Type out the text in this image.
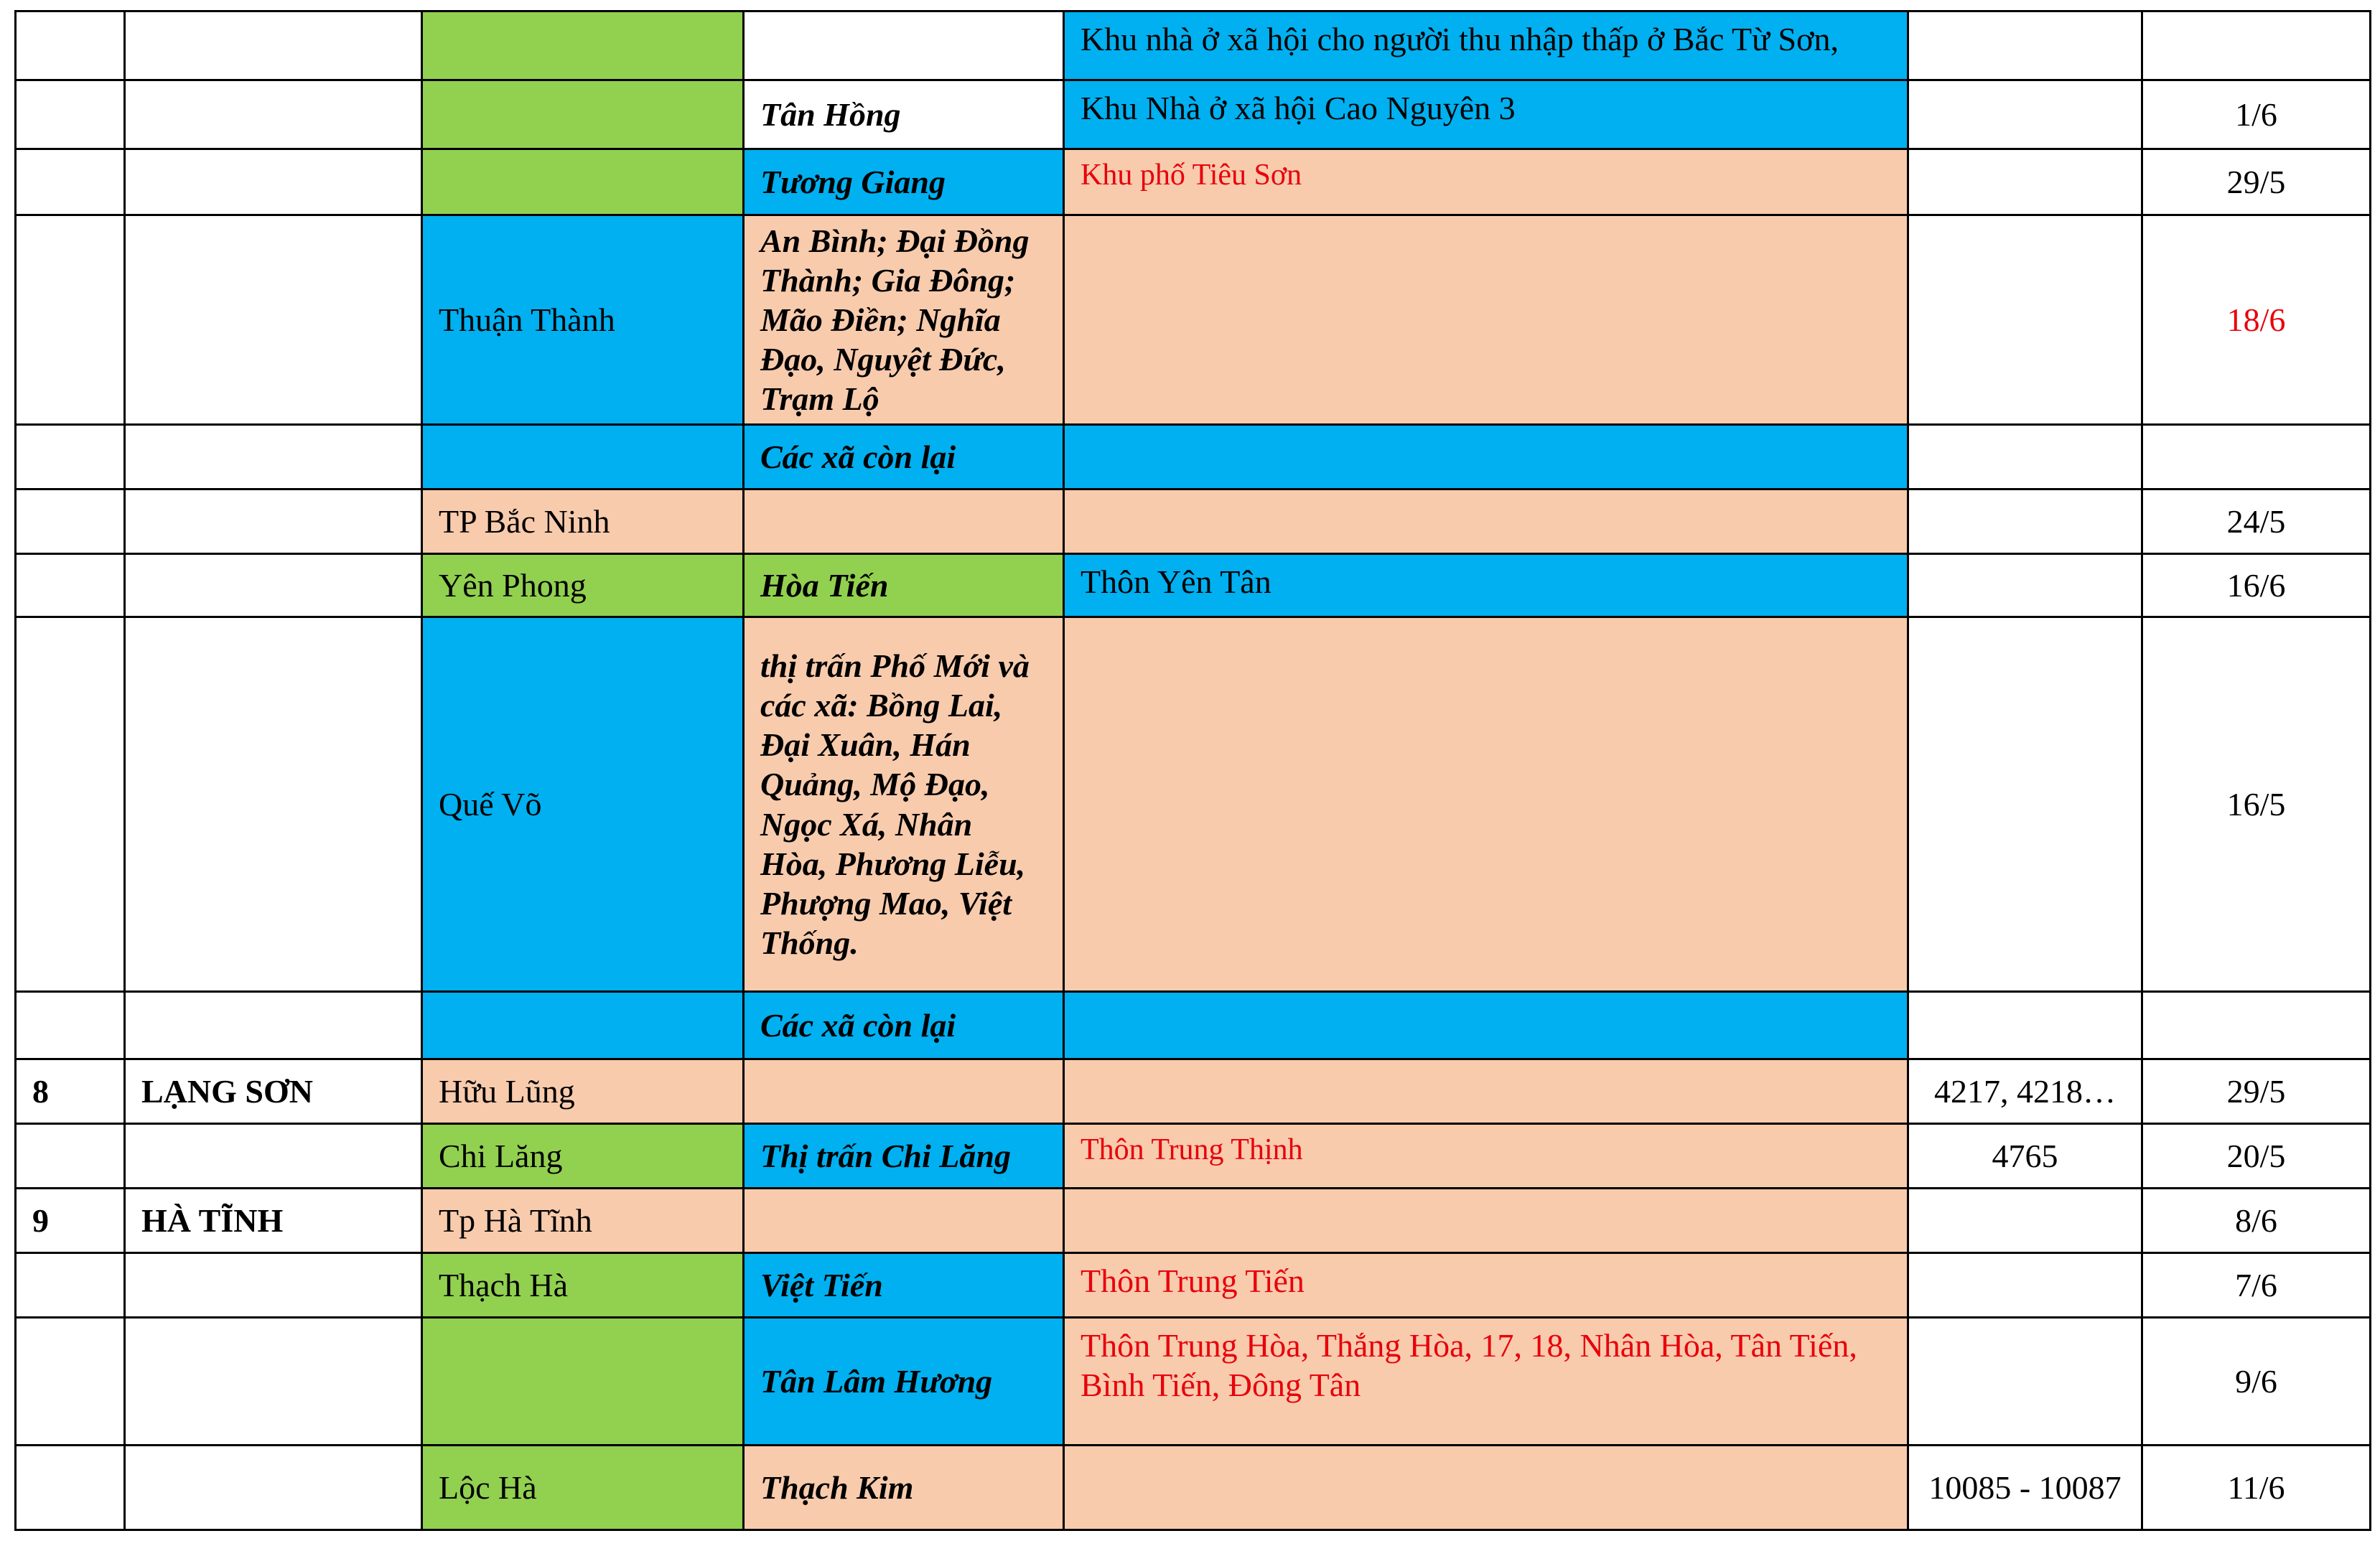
				Khu nhà ở xã hội cho người thu nhập thấp ở Bắc Từ Sơn,		
			Tân Hồng	Khu Nhà ở xã hội Cao Nguyên 3		1/6
			Tương Giang	Khu phố Tiêu Sơn		29/5
		Thuận Thành	An Bình; Đại Đồng Thành; Gia Đông; Mão Điền; Nghĩa Đạo, Nguyệt Đức, Trạm Lộ			18/6
			Các xã còn lại			
		TP Bắc Ninh				24/5
		Yên Phong	Hòa Tiến	Thôn Yên Tân		16/6
		Quế Võ	thị trấn Phố Mới và các xã: Bồng Lai, Đại Xuân, Hán Quảng, Mộ Đạo, Ngọc Xá, Nhân Hòa, Phương Liễu, Phượng Mao, Việt Thống.			16/5
			Các xã còn lại			
8	LẠNG SƠN	Hữu Lũng			4217, 4218…	29/5
		Chi Lăng	Thị trấn Chi Lăng	Thôn Trung Thịnh	4765	20/5
9	HÀ TĨNH	Tp Hà Tĩnh				8/6
		Thạch Hà	Việt Tiến	Thôn Trung Tiến		7/6
			Tân Lâm Hương	Thôn Trung Hòa, Thắng Hòa, 17, 18, Nhân Hòa, Tân Tiến, Bình Tiến, Đông Tân		9/6
		Lộc Hà	Thạch Kim		10085 - 10087	11/6
